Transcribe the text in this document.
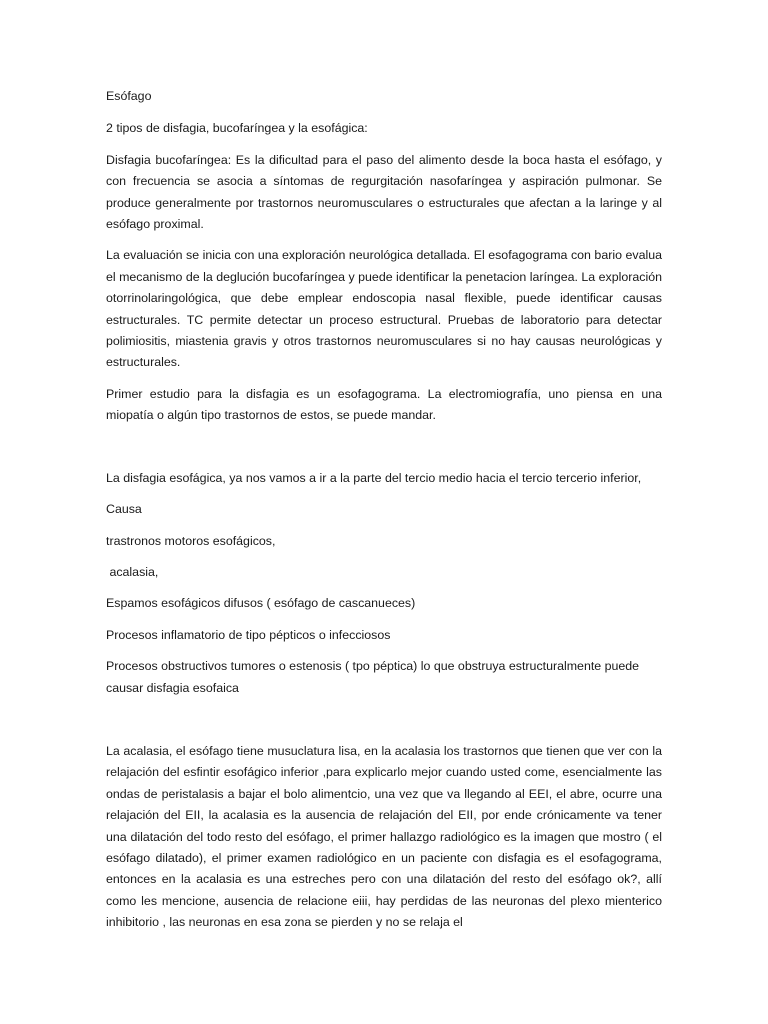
Esófago

2 tipos de disfagia, bucofaríngea y la esofágica:

Disfagia bucofaríngea: Es la dificultad para el paso del alimento desde la boca hasta el esófago, y con frecuencia se asocia a síntomas de regurgitación nasofaríngea y aspiración pulmonar. Se produce generalmente por trastornos neuromusculares o estructurales que afectan a la laringe y al esófago proximal.

La evaluación se inicia con una exploración neurológica detallada. El esofagograma con bario evalua el mecanismo de la deglución bucofaríngea y puede identificar la penetacion laríngea. La exploración otorrinolaringológica, que debe emplear endoscopia nasal flexible, puede identificar causas estructurales. TC permite detectar un proceso estructural. Pruebas de laboratorio para detectar polimiositis, miastenia gravis y otros trastornos neuromusculares si no hay causas neurológicas y estructurales.

Primer estudio para la disfagia es un esofagograma. La electromiografía, uno piensa en una miopatía o algún tipo trastornos de estos, se puede mandar.

La disfagia esofágica, ya nos vamos a ir a la parte del tercio medio hacia el tercio tercerio inferior,

Causa

trastronos motoros esofágicos,

acalasia,

Espamos esofágicos difusos ( esófago de cascanueces)

Procesos inflamatorio de tipo pépticos o infecciosos

Procesos obstructivos tumores o estenosis ( tpo péptica) lo que obstruya estructuralmente puede causar disfagia esofaica

La acalasia, el esófago tiene musuclatura lisa, en la acalasia los trastornos que tienen que ver con la relajación del esfintir esofágico inferior ,para explicarlo mejor cuando usted come, esencialmente las ondas de peristalasis a bajar el bolo alimentcio, una vez que va llegando al EEI, el abre, ocurre una relajación del EII, la acalasia es la ausencia de relajación del EII, por ende crónicamente va tener una dilatación del todo resto del esófago, el primer hallazgo radiológico es la imagen que mostro ( el esófago dilatado), el primer examen radiológico en un paciente con disfagia es el esofagograma, entonces en la acalasia es una estreches pero con una dilatación del resto del esófago ok?, allí como les mencione, ausencia de relacione eiii, hay perdidas de las neuronas del plexo mienterico inhibitorio , las neuronas en esa zona se pierden y no se relaja el
